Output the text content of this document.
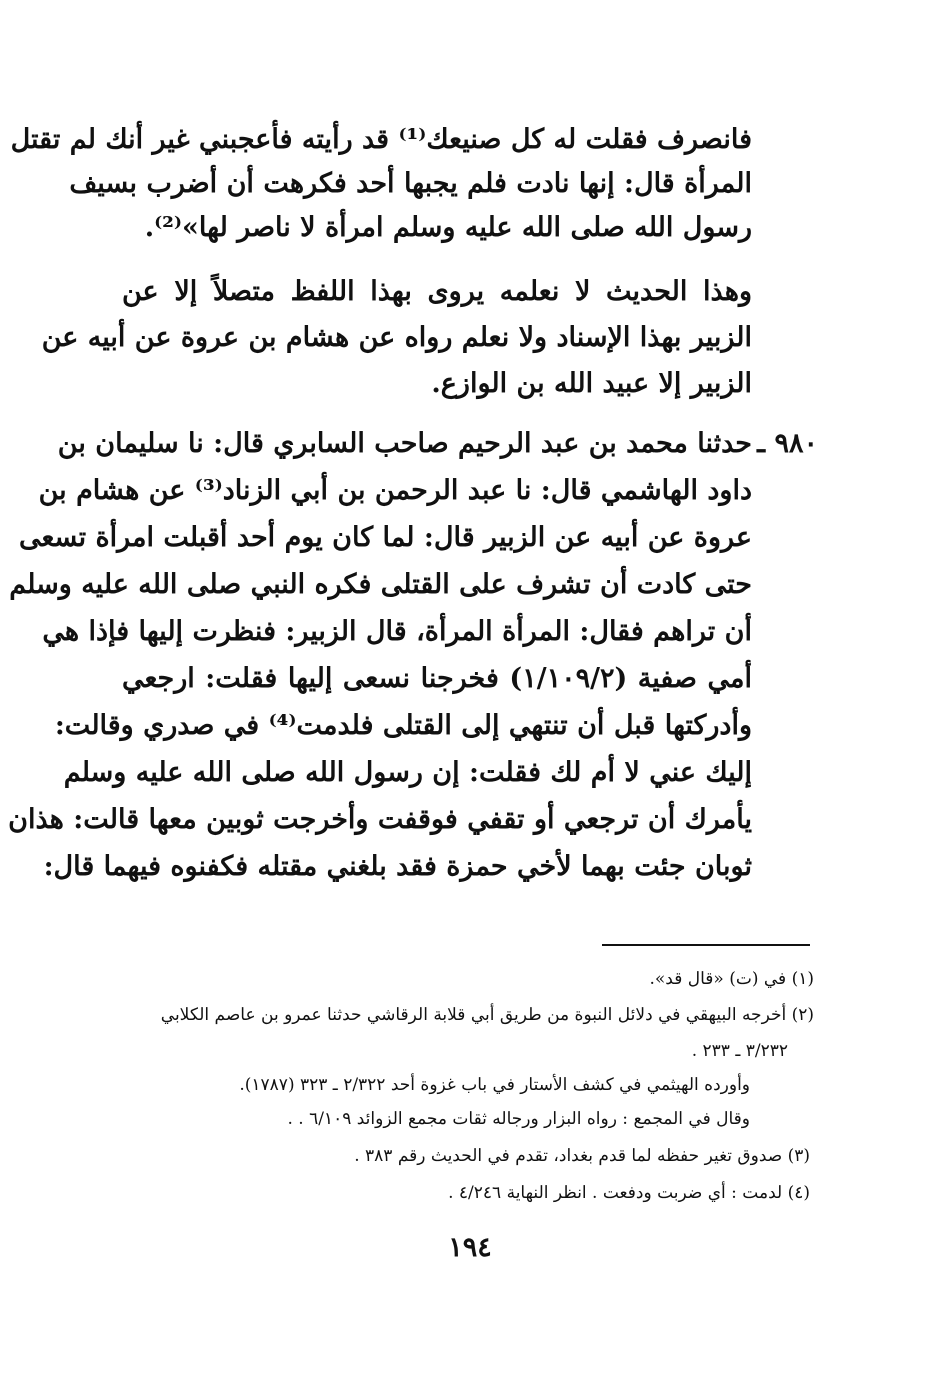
فانصرف فقلت له كل صنيعك⁽¹⁾ قد رأيته فأعجبني غير أنك لم تقتل
المرأة قال: إنها نادت فلم يجبها أحد فكرهت أن أضرب بسيف
رسول الله صلى الله عليه وسلم امرأة لا ناصر لها»⁽²⁾.
وهذا الحديث لا نعلمه يروى بهذا اللفظ متصلاً إلا عن
الزبير بهذا الإسناد ولا نعلم رواه عن هشام بن عروة عن أبيه عن
الزبير إلا عبيد الله بن الوازع.
٩٨٠ ـ
حدثنا محمد بن عبد الرحيم صاحب السابري قال: نا سليمان بن
داود الهاشمي قال: نا عبد الرحمن بن أبي الزناد⁽³⁾ عن هشام بن
عروة عن أبيه عن الزبير قال: لما كان يوم أحد أقبلت امرأة تسعى
حتى كادت أن تشرف على القتلى فكره النبي صلى الله عليه وسلم
أن تراهم فقال: المرأة المرأة، قال الزبير: فنظرت إليها فإذا هي
أمي صفية (١/١٠٩/٢) فخرجنا نسعى إليها فقلت: ارجعي
وأدركتها قبل أن تنتهي إلى القتلى فلدمت⁽⁴⁾ في صدري وقالت:
إليك عني لا أم لك فقلت: إن رسول الله صلى الله عليه وسلم
يأمرك أن ترجعي أو تقفي فوقفت وأخرجت ثوبين معها قالت: هذان
ثوبان جئت بهما لأخي حمزة فقد بلغني مقتله فكفنوه فيهما قال:
(١) في (ت) «قال قد».
(٢) أخرجه البيهقي في دلائل النبوة من طريق أبي قلابة الرقاشي حدثنا عمرو بن عاصم الكلابي
٣/٢٣٢ ـ ٢٣٣ .
وأورده الهيثمي في كشف الأستار في باب غزوة أحد ٢/٣٢٢ ـ ٣٢٣ (١٧٨٧).
وقال في المجمع : رواه البزار ورجاله ثقات مجمع الزوائد ٦/١٠٩ . .
(٣) صدوق تغير حفظه لما قدم بغداد، تقدم في الحديث رقم ٣٨٣ .
(٤) لدمت : أي ضربت ودفعت . انظر النهاية ٤/٢٤٦ .
١٩٤
